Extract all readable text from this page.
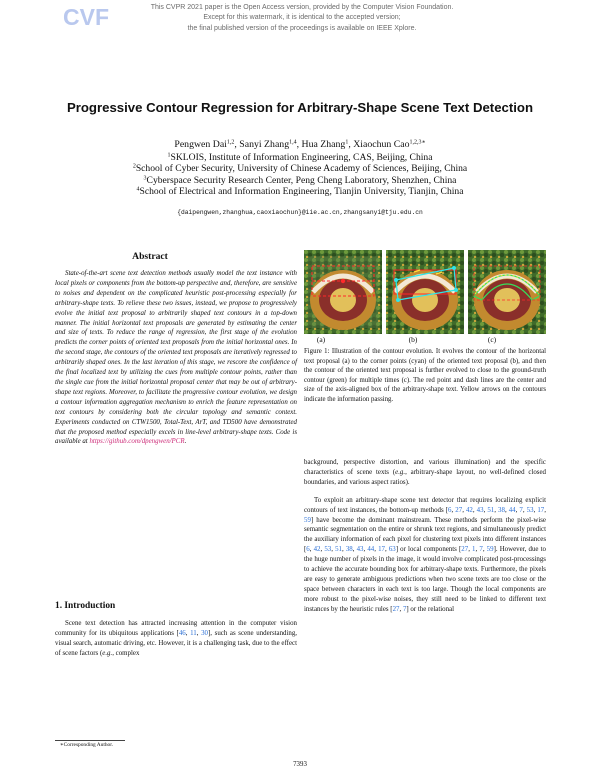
CVF	This CVPR 2021 paper is the Open Access version, provided by the Computer Vision Foundation.
Except for this watermark, it is identical to the accepted version;
the final published version of the proceedings is available on IEEE Xplore.
Progressive Contour Regression for Arbitrary-Shape Scene Text Detection
Pengwen Dai$^{1,2}$, Sanyi Zhang$^{1,4}$, Hua Zhang$^1$, Xiaochun Cao$^{1,2,3∗}$
$^1$SKLOIS, Institute of Information Engineering, CAS, Beijing, China
$^2$School of Cyber Security, University of Chinese Academy of Sciences, Beijing, China
$^3$Cyberspace Security Research Center, Peng Cheng Laboratory, Shenzhen, China
$^4$School of Electrical and Information Engineering, Tianjin University, Tianjin, China
{daipengwen,zhanghua,caoxiaochun}@iie.ac.cn,zhangsanyi@tju.edu.cn
Abstract

State-of-the-art scene text detection methods usually model the text instance with local pixels or components from the bottom-up perspective and, therefore, are sensitive to noises and dependent on the complicated heuristic post-processing especially for arbitrary-shape texts. To relieve these two issues, instead, we propose to progressively evolve the initial text proposal to arbitrarily shaped text contours in a top-down manner. The initial horizontal text proposals are generated by estimating the center and size of texts. To reduce the range of regression, the first stage of the evolution predicts the corner points of oriented text proposals from the initial horizontal ones. In the second stage, the contours of the oriented text proposals are iteratively regressed to arbitrarily shaped ones. In the last iteration of this stage, we rescore the confidence of the final localized text by utilizing the cues from multiple contour points, rather than the single cue from the initial horizontal proposal center that may be out of arbitrary-shape text regions. Moreover, to facilitate the progressive contour evolution, we design a contour information aggregation mechanism to enrich the feature representation on text contours by considering both the circular topology and semantic context. Experiments conducted on CTW1500, Total-Text, ArT, and TD500 have demonstrated that the proposed method especially excels in line-level arbitrary-shape texts. Code is available at https://github.com/dpengwen/PCR.

1. Introduction

Scene text detection has attracted increasing attention in the computer vision community for its ubiquitous applications [46, 11, 30], such as scene understanding, visual search, automatic driving, etc. However, it is a challenging task, due to the effect of scene factors (e.g., complex

∗Corresponding Author.
(a)	(b)	(c)
Figure 1: Illustration of the contour evolution. It evolves the contour of the horizontal text proposal (a) to the corner points (cyan) of the oriented text proposal (b), and then the contour of the oriented text proposal is further evolved to close to the ground-truth contour (green) for multiple times (c). The red point and dash lines are the center and size of the axis-aligned box of the arbitrary-shape text. Yellow arrows on the contours indicate the information passing.

background, perspective distortion, and various illumination) and the specific characteristics of scene texts (e.g., arbitrary-shape layout, no well-defined closed boundaries, and various aspect ratios).

To exploit an arbitrary-shape scene text detector that requires localizing explicit contours of text instances, the bottom-up methods [6, 27, 42, 43, 51, 38, 44, 7, 53, 17, 59] have become the dominant mainstream. These methods perform the pixel-wise semantic segmentation on the entire or shrunk text regions, and simultaneously predict the auxiliary information of each pixel for clustering text pixels into different instances [6, 42, 53, 51, 38, 43, 44, 17, 63] or local components [27, 1, 7, 59]. However, due to the huge number of pixels in the image, it would involve complicated post-processings to achieve the accurate bounding box for arbitrary-shape texts. Furthermore, the pixels are easy to generate ambiguous predictions when two scene texts are too close or the space between characters in each text is too large. Though the local components are more robust to the pixel-wise noises, they still need to be linked to different text instances by the heuristic rules [27, 7] or the relational

7393
